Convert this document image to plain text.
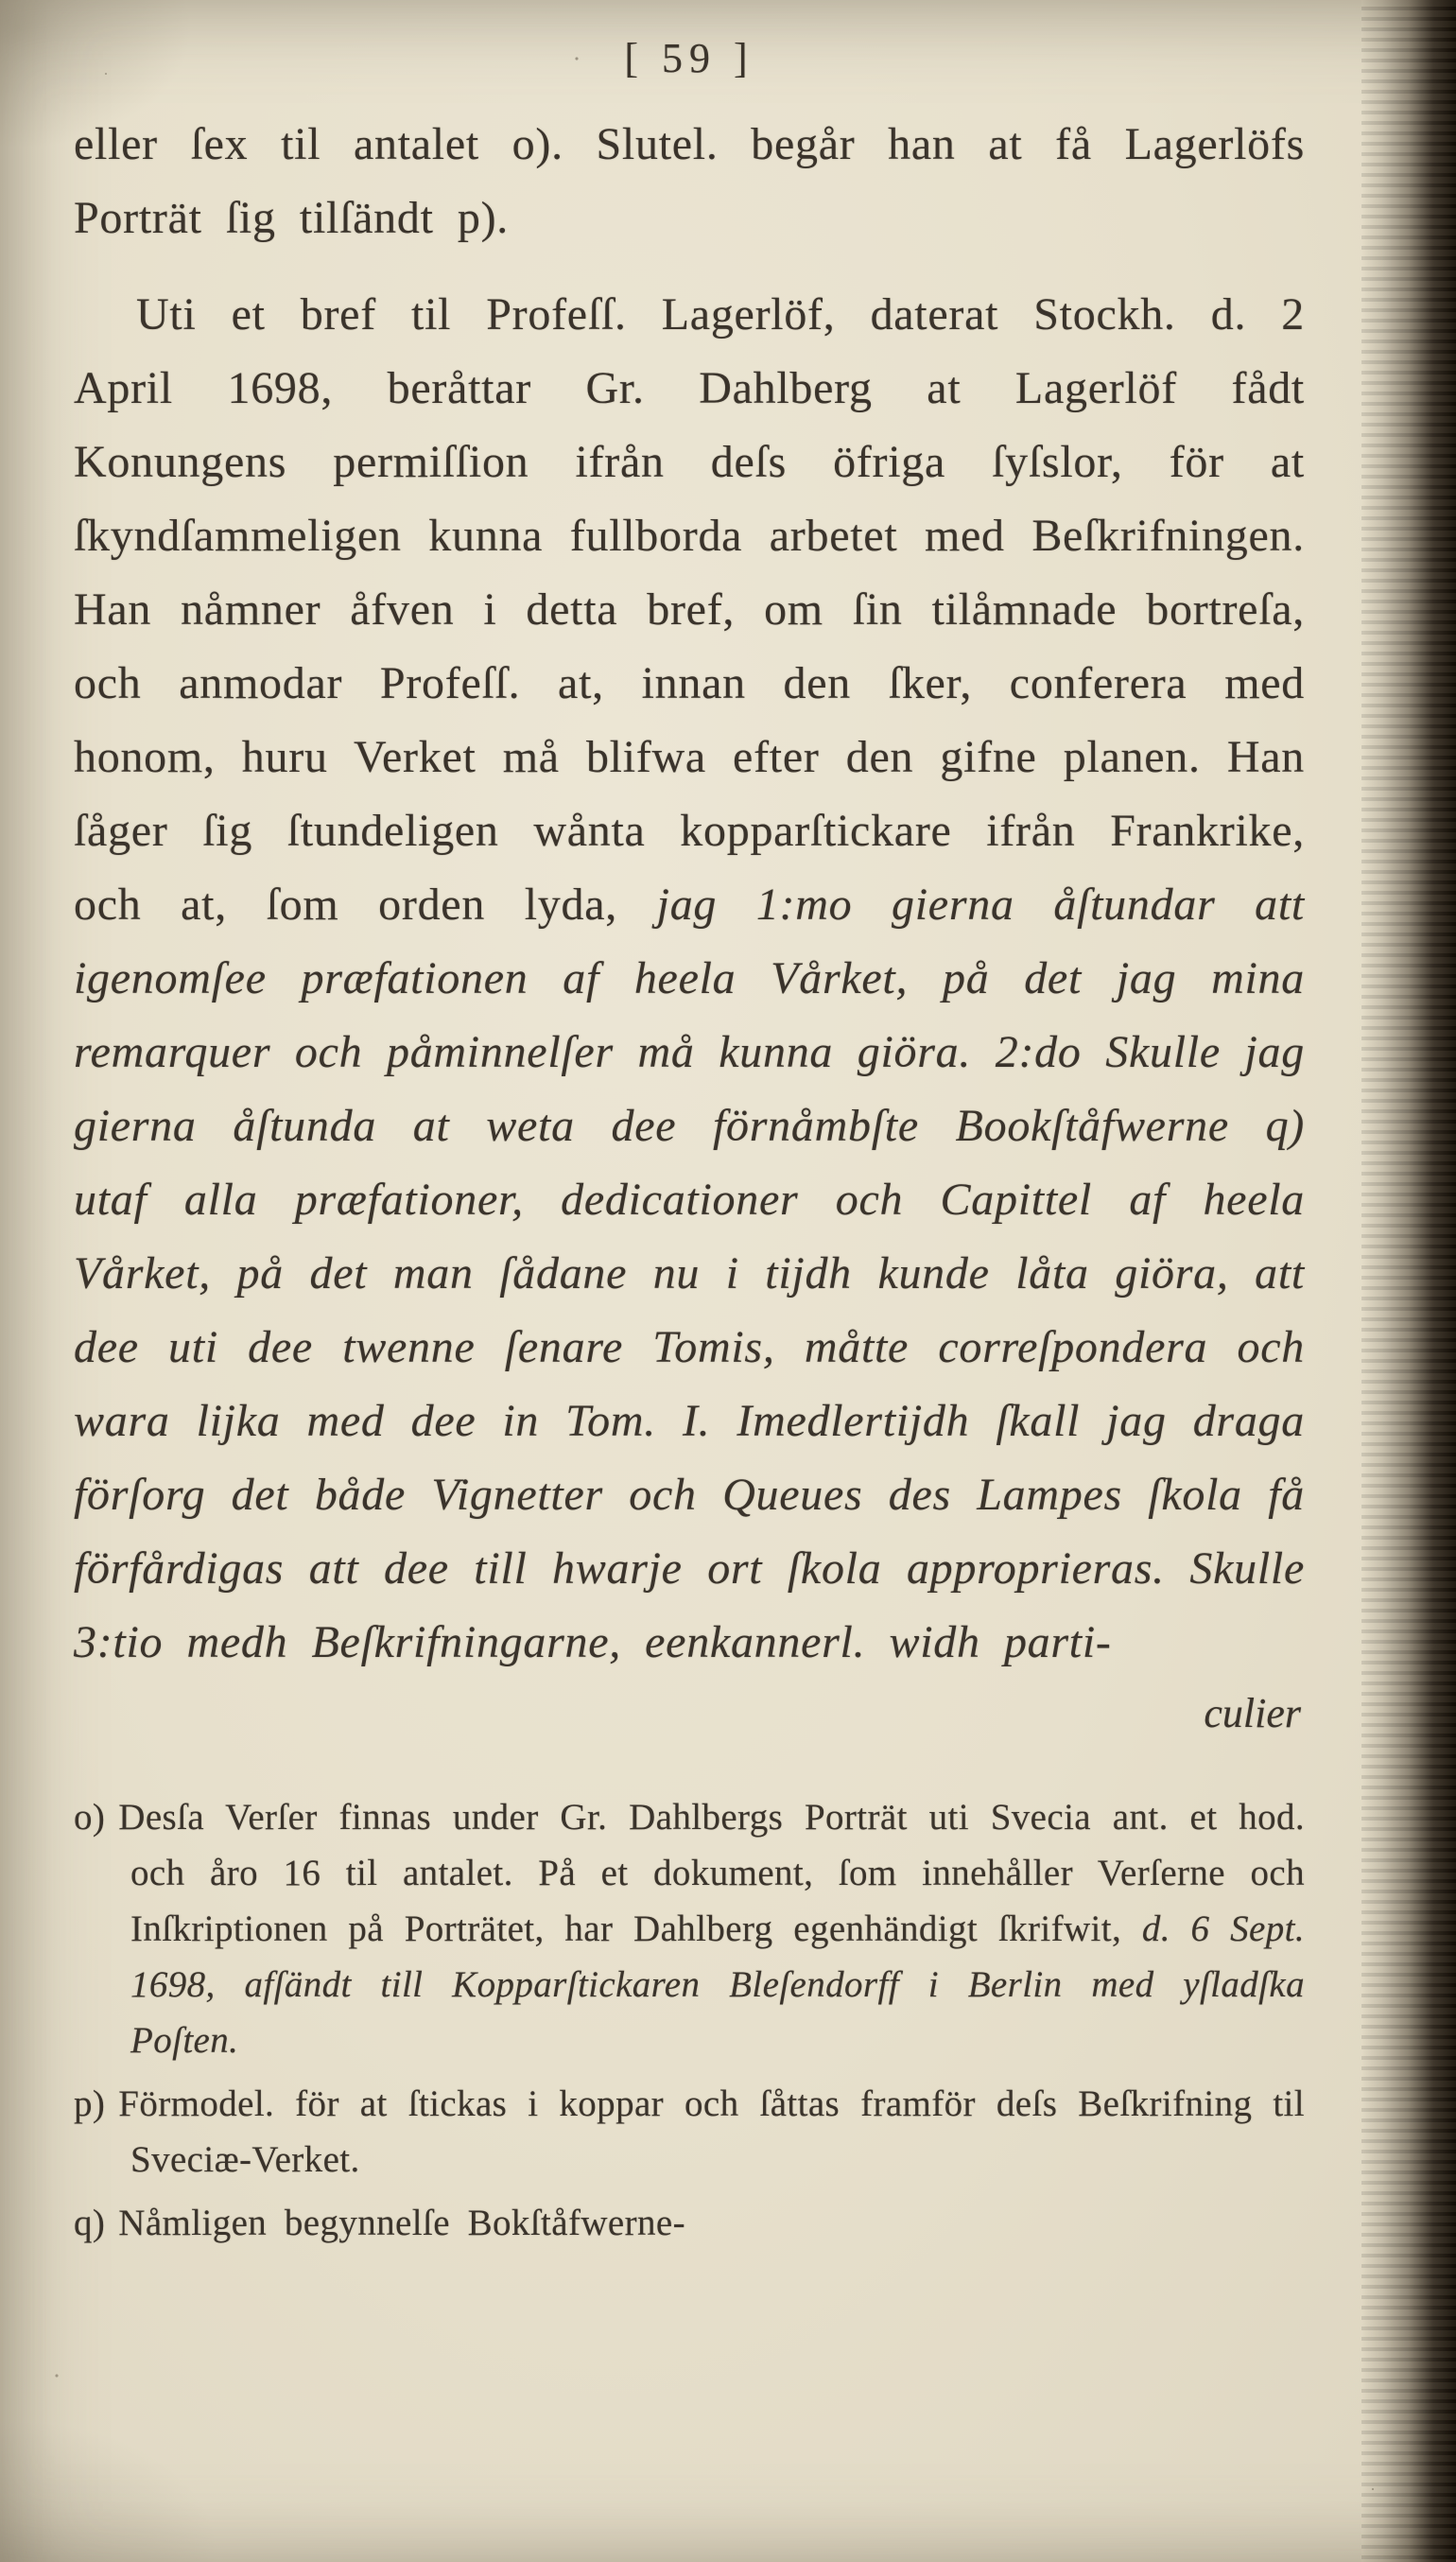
[ 59 ]

eller ſex til antalet o). Slutel. begår han at få Lagerlöfs Porträt ſig tilſändt p).

Uti et bref til Profeſſ. Lagerlöf, daterat Stockh. d. 2 April 1698, beråttar Gr. Dahlberg at Lagerlöf fådt Konungens permiſſion ifrån deſs öfriga ſyſslor, för at ſkyndſammeligen kunna fullborda arbetet med Beſkrifningen. Han nåmner åfven i detta bref, om ſin tilåmnade bortreſa, och anmodar Profeſſ. at, innan den ſker, conferera med honom, huru Verket må blifwa efter den gifne planen. Han ſåger ſig ſtundeligen wånta kopparſtickare ifrån Frankrike, och at, ſom orden lyda, jag 1:mo gierna åſtundar att igenomſee præfationen af heela Vårket, på det jag mina remarquer och påminnelſer må kunna giöra. 2:do Skulle jag gierna åſtunda at weta dee förnåmbſte Bookſtåfwerne q) utaf alla præfationer, dedicationer och Capittel af heela Vårket, på det man ſådane nu i tijdh kunde låta giöra, att dee uti dee twenne ſenare Tomis, måtte correſpondera och wara lijka med dee in Tom. I. Imedlertijdh ſkall jag draga förſorg det både Vignetter och Queues des Lampes ſkola få förfårdigas att dee till hwarje ort ſkola approprieras. Skulle 3:tio medh Beſkrifningarne, eenkannerl. widh parti-

culier

o) Desſa Verſer finnas under Gr. Dahlbergs Porträt uti Svecia ant. et hod. och åro 16 til antalet. På et dokument, ſom innehåller Verſerne och Inſkriptionen på Porträtet, har Dahlberg egenhändigt ſkrifwit, d. 6 Sept. 1698, afſändt till Kopparſtickaren Bleſendorff i Berlin med yſladſka Poſten.

p) Förmodel. för at ſtickas i koppar och ſåttas framför deſs Beſkrifning til Sveciæ-Verket.

q) Nåmligen begynnelſe Bokſtåfwerne-
